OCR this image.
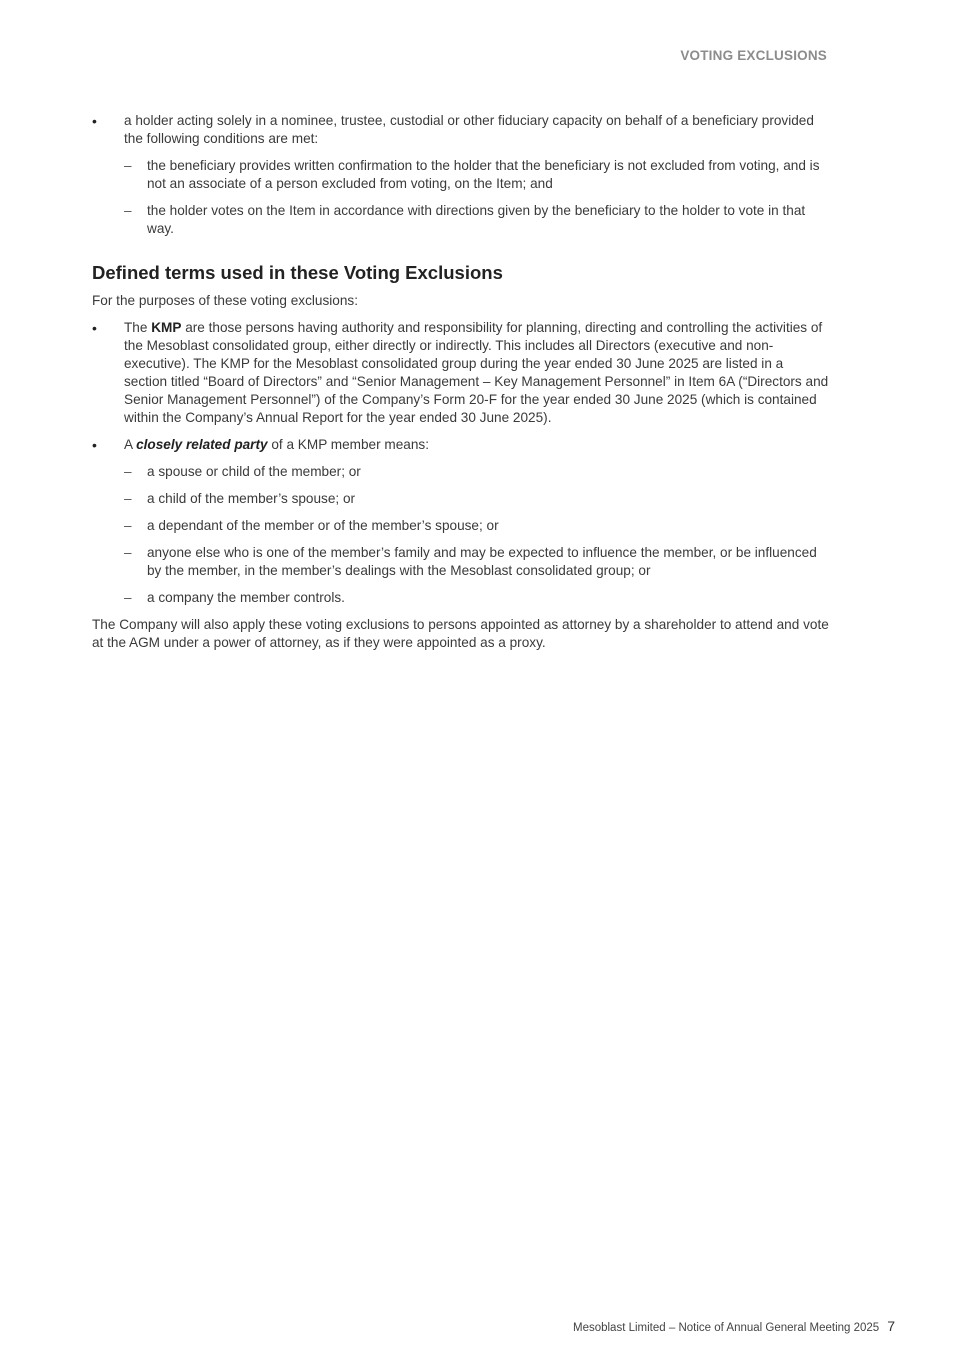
VOTING EXCLUSIONS
• a holder acting solely in a nominee, trustee, custodial or other fiduciary capacity on behalf of a beneficiary provided the following conditions are met:
– the beneficiary provides written confirmation to the holder that the beneficiary is not excluded from voting, and is not an associate of a person excluded from voting, on the Item; and
– the holder votes on the Item in accordance with directions given by the beneficiary to the holder to vote in that way.
Defined terms used in these Voting Exclusions

For the purposes of these voting exclusions:

• The KMP are those persons having authority and responsibility for planning, directing and controlling the activities of the Mesoblast consolidated group, either directly or indirectly. This includes all Directors (executive and non-executive). The KMP for the Mesoblast consolidated group during the year ended 30 June 2025 are listed in a section titled “Board of Directors” and “Senior Management – Key Management Personnel” in Item 6A (“Directors and Senior Management Personnel”) of the Company’s Form 20-F for the year ended 30 June 2025 (which is contained within the Company’s Annual Report for the year ended 30 June 2025).
• A closely related party of a KMP member means:
– a spouse or child of the member; or
– a child of the member’s spouse; or
– a dependant of the member or of the member’s spouse; or
– anyone else who is one of the member’s family and may be expected to influence the member, or be influenced by the member, in the member’s dealings with the Mesoblast consolidated group; or
– a company the member controls.

The Company will also apply these voting exclusions to persons appointed as attorney by a shareholder to attend and vote at the AGM under a power of attorney, as if they were appointed as a proxy.

Mesoblast Limited – Notice of Annual General Meeting 2025 7
